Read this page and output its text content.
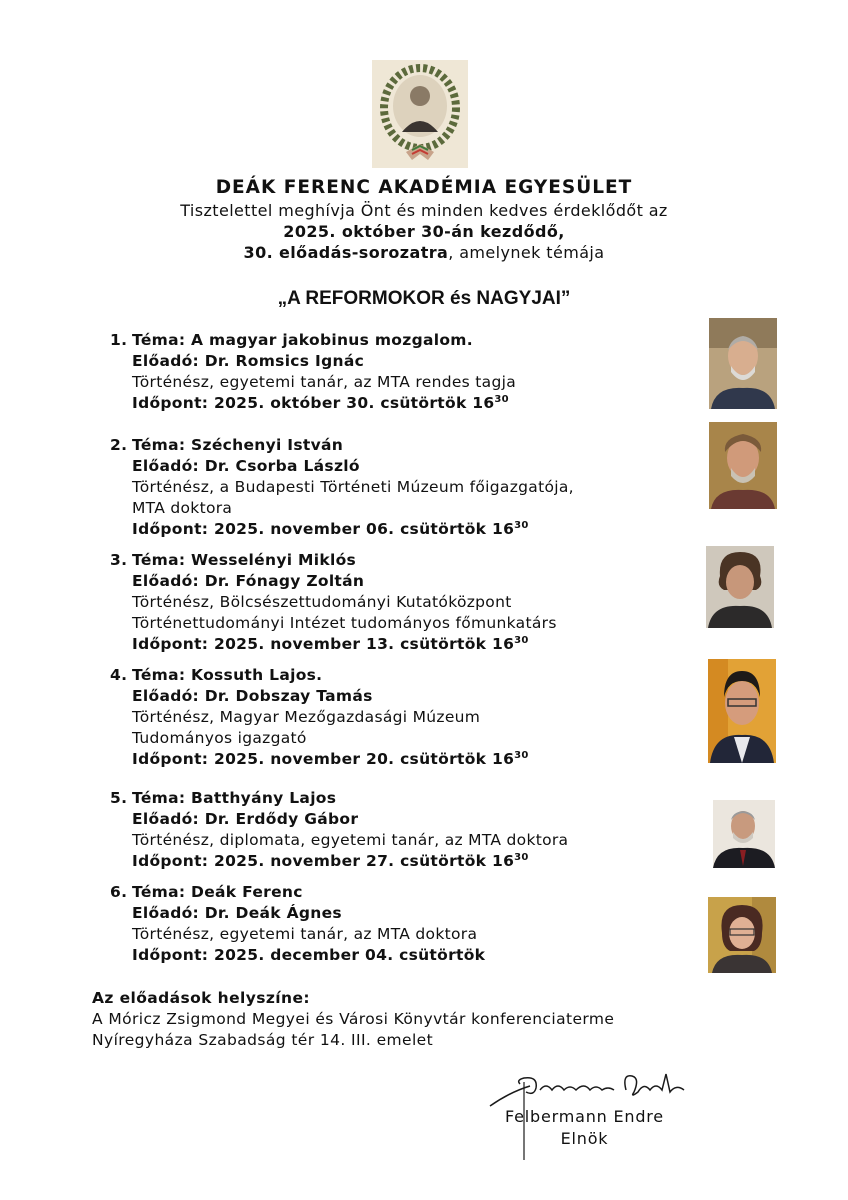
DEÁK FERENC AKADÉMIA EGYESÜLET
Tisztelettel meghívja Önt és minden kedves érdeklődőt az
2025. október 30-án kezdődő,
30. előadás-sorozatra, amelynek témája
„A REFORMOKOR és NAGYJAI”
1. Téma: A magyar jakobinus mozgalom.
Előadó: Dr. Romsics Ignác
Történész, egyetemi tanár, az MTA rendes tagja
Időpont: 2025. október 30. csütörtök $16^{30}$
2. Téma: Széchenyi István
Előadó: Dr. Csorba László
Történész, a Budapesti Történeti Múzeum főigazgatója,
MTA doktora
Időpont: 2025. november 06. csütörtök $16^{30}$
3. Téma: Wesselényi Miklós
Előadó: Dr. Fónagy Zoltán
Történész, Bölcsészettudományi Kutatóközpont
Történettudományi Intézet tudományos főmunkatárs
Időpont: 2025. november 13. csütörtök $16^{30}$
4. Téma: Kossuth Lajos.
Előadó: Dr. Dobszay Tamás
Történész, Magyar Mezőgazdasági Múzeum
Tudományos igazgató
Időpont: 2025. november 20. csütörtök $16^{30}$
5. Téma: Batthyány Lajos
Előadó: Dr. Erdődy Gábor
Történész, diplomata, egyetemi tanár, az MTA doktora
Időpont: 2025. november 27. csütörtök $16^{30}$
6. Téma: Deák Ferenc
Előadó: Dr. Deák Ágnes
Történész, egyetemi tanár, az MTA doktora
Időpont: 2025. december 04. csütörtök
Az előadások helyszíne:
A Móricz Zsigmond Megyei és Városi Könyvtár konferenciaterme
Nyíregyháza Szabadság tér 14. III. emelet
Felbermann Endre
Elnök
